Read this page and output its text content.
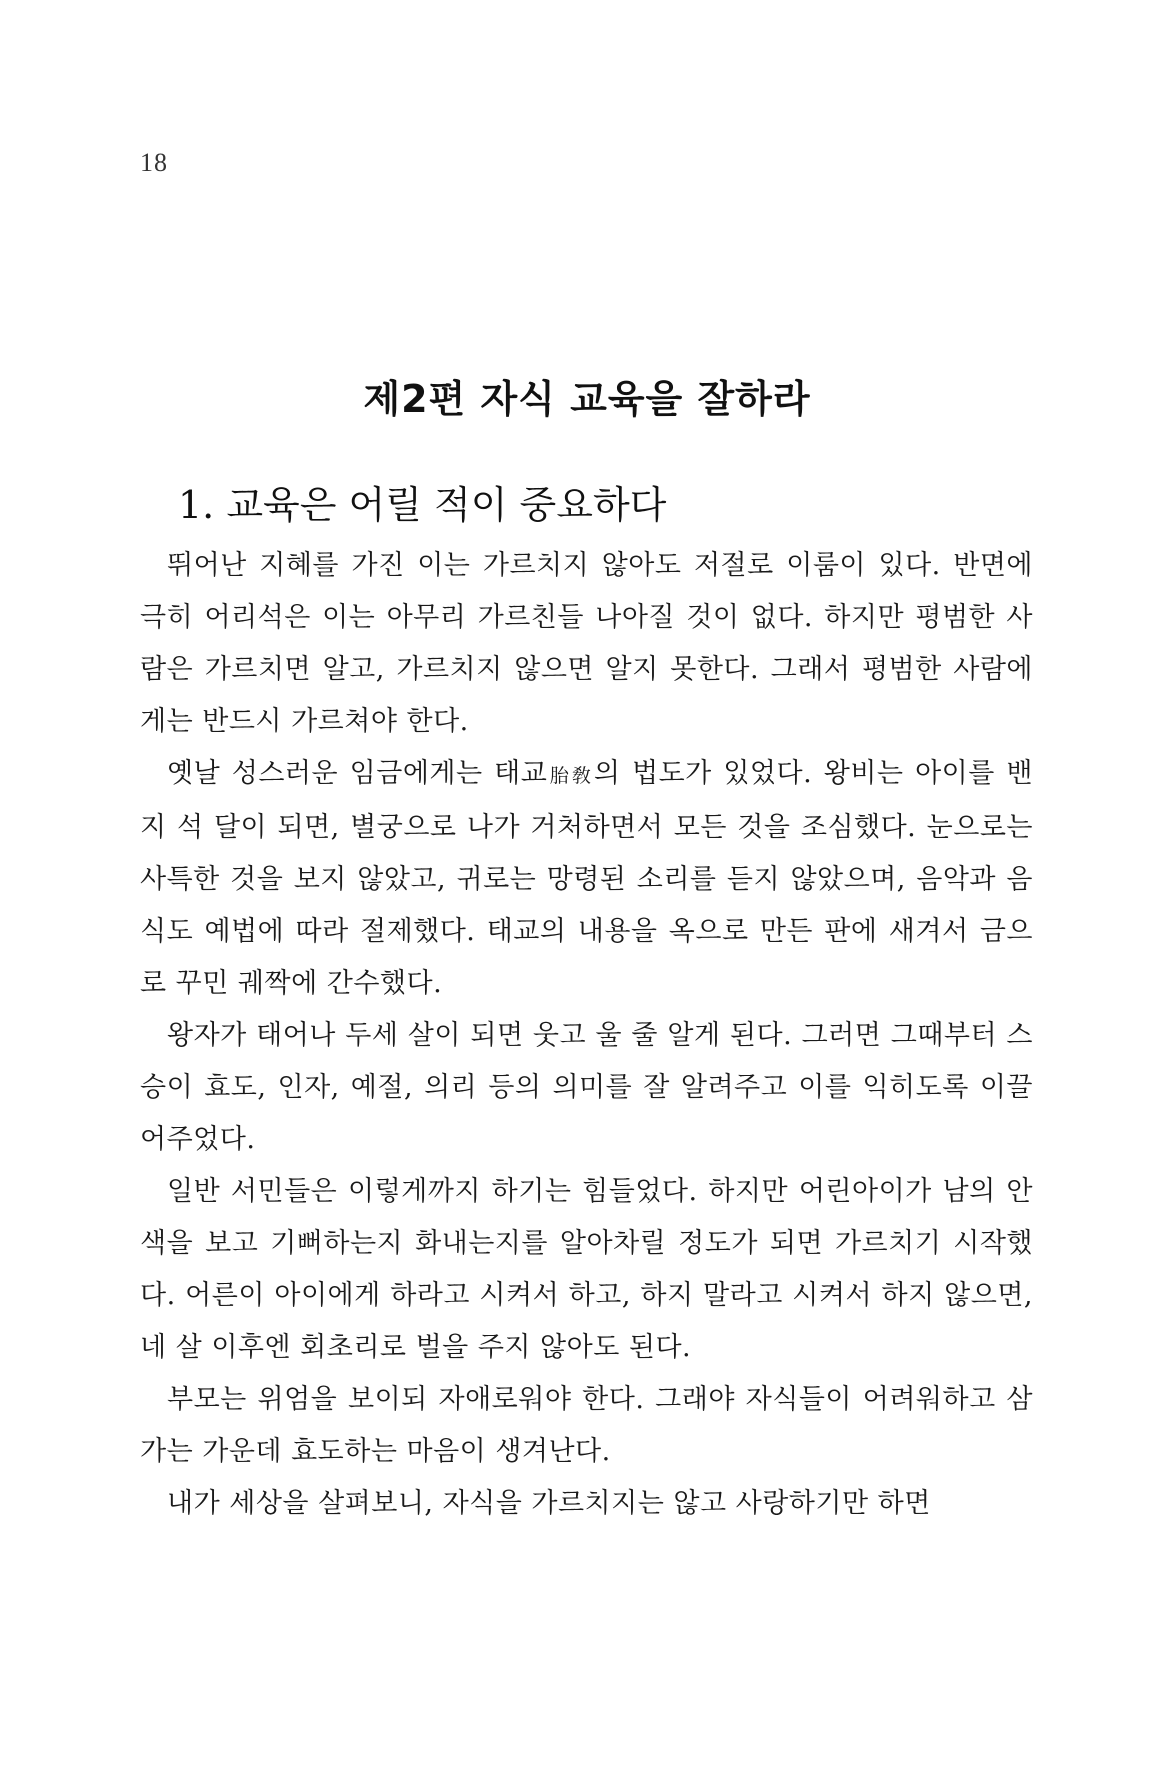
18
제2편 자식 교육을 잘하라
1. 교육은 어릴 적이 중요하다

뛰어난 지혜를 가진 이는 가르치지 않아도 저절로 이룸이 있다. 반면에 극히 어리석은 이는 아무리 가르친들 나아질 것이 없다. 하지만 평범한 사람은 가르치면 알고, 가르치지 않으면 알지 못한다. 그래서 평범한 사람에게는 반드시 가르쳐야 한다.

옛날 성스러운 임금에게는 태교胎敎의 법도가 있었다. 왕비는 아이를 밴 지 석 달이 되면, 별궁으로 나가 거처하면서 모든 것을 조심했다. 눈으로는 사특한 것을 보지 않았고, 귀로는 망령된 소리를 듣지 않았으며, 음악과 음식도 예법에 따라 절제했다. 태교의 내용을 옥으로 만든 판에 새겨서 금으로 꾸민 궤짝에 간수했다.

왕자가 태어나 두세 살이 되면 웃고 울 줄 알게 된다. 그러면 그때부터 스승이 효도, 인자, 예절, 의리 등의 의미를 잘 알려주고 이를 익히도록 이끌어주었다.

일반 서민들은 이렇게까지 하기는 힘들었다. 하지만 어린아이가 남의 안색을 보고 기뻐하는지 화내는지를 알아차릴 정도가 되면 가르치기 시작했다. 어른이 아이에게 하라고 시켜서 하고, 하지 말라고 시켜서 하지 않으면, 네 살 이후엔 회초리로 벌을 주지 않아도 된다.

부모는 위엄을 보이되 자애로워야 한다. 그래야 자식들이 어려워하고 삼가는 가운데 효도하는 마음이 생겨난다.

내가 세상을 살펴보니, 자식을 가르치지는 않고 사랑하기만 하면
